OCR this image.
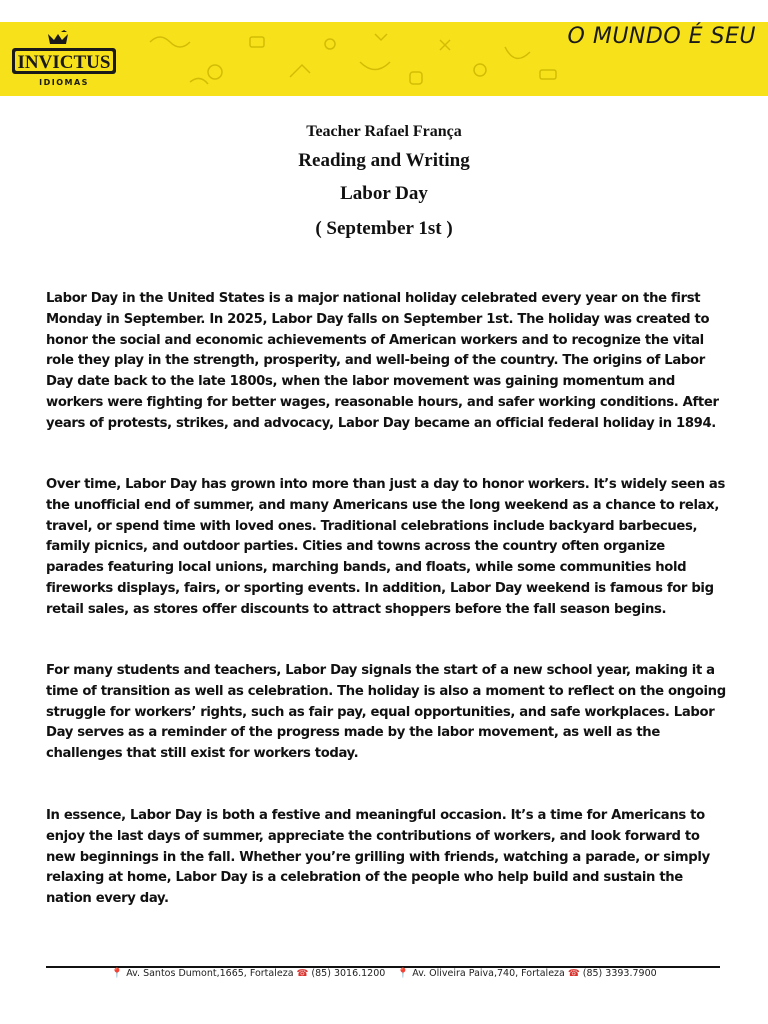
INVICTUS
IDIOMAS
O MUNDO É SEU

Teacher Rafael França

Reading and Writing

Labor Day

( September 1st )

Labor Day in the United States is a major national holiday celebrated every year on the first Monday in September. In 2025, Labor Day falls on September 1st. The holiday was created to honor the social and economic achievements of American workers and to recognize the vital role they play in the strength, prosperity, and well-being of the country. The origins of Labor Day date back to the late 1800s, when the labor movement was gaining momentum and workers were fighting for better wages, reasonable hours, and safer working conditions. After years of protests, strikes, and advocacy, Labor Day became an official federal holiday in 1894.

Over time, Labor Day has grown into more than just a day to honor workers. It’s widely seen as the unofficial end of summer, and many Americans use the long weekend as a chance to relax, travel, or spend time with loved ones. Traditional celebrations include backyard barbecues, family picnics, and outdoor parties. Cities and towns across the country often organize parades featuring local unions, marching bands, and floats, while some communities hold fireworks displays, fairs, or sporting events. In addition, Labor Day weekend is famous for big retail sales, as stores offer discounts to attract shoppers before the fall season begins.

For many students and teachers, Labor Day signals the start of a new school year, making it a time of transition as well as celebration. The holiday is also a moment to reflect on the ongoing struggle for workers’ rights, such as fair pay, equal opportunities, and safe workplaces. Labor Day serves as a reminder of the progress made by the labor movement, as well as the challenges that still exist for workers today.

In essence, Labor Day is both a festive and meaningful occasion. It’s a time for Americans to enjoy the last days of summer, appreciate the contributions of workers, and look forward to new beginnings in the fall. Whether you’re grilling with friends, watching a parade, or simply relaxing at home, Labor Day is a celebration of the people who help build and sustain the nation every day.

📍 Av. Santos Dumont,1665, Fortaleza ☎ (85) 3016.1200 📍 Av. Oliveira Paiva,740, Fortaleza ☎ (85) 3393.7900
